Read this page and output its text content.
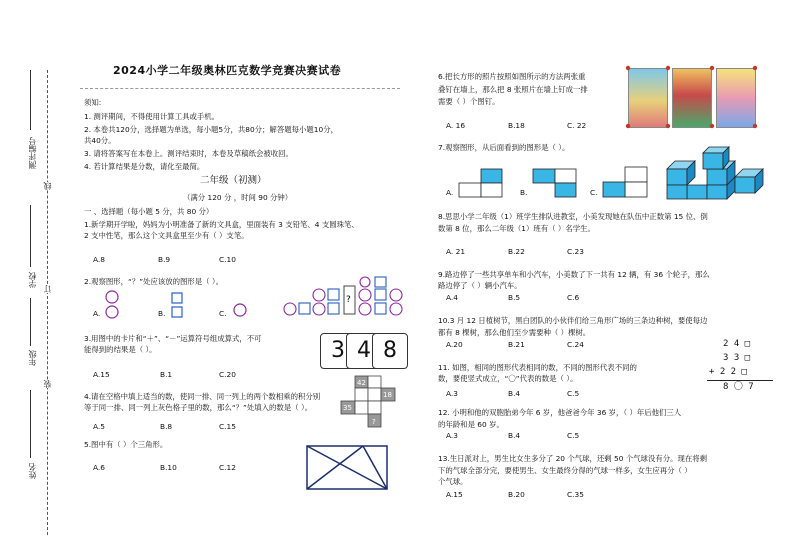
测评编号
学校
年级
姓名
线
订
装
2024小学二年级奥林匹克数学竞赛决赛试卷
须知:
1. 测评期间，不得使用计算工具或手机。
2. 本卷共120分，选择题为单选，每小题5分，共80分；解答题每小题10分，
共40分。
3. 请将答案写在本卷上。测评结束时，本卷及草稿纸会被收回。
4. 若计算结果是分数，请化至最简。
二年级（初测）
（满分 120 分 ，时间 90 分钟）
一 、选择题（每小题 5 分，共 80 分）
1.新学期开学啦，妈妈为小明准备了新的文具盒，里面装有 3 支铅笔、4 支圆珠笔、
2 支中性笔，那么这个文具盒里至少有（ ）支笔。
A.8	B.9	C.10
2.观察图形，“？”处应该放的图形是（ ）。
A.	B.	C.
?
3.用图中的卡片和“＋”、“－”运算符号组成算式，不可
能得到的结果是（ ）。	3 4 8
A.15	B.1	C.20
4.请在空格中填上适当的数，使同一排、同一列上的两个数相乘的积分别
等于同一排、同一列上灰色格子里的数，那么“？”处填入的数是（ ）。
42
18
35
?
A.5	B.8	C.15
5.图中有（ ）个三角形。
A.6	B.10	C.12
6.把长方形的照片按照如图所示的方法两张重
叠钉在墙上，那么把 8 张照片在墙上钉成一排
需要（ ）个图钉。
A. 16	B.18	C. 22
7.观察图形，从后面看到的图形是（ ）。
A.	B.	C.
8.思思小学二年级（1）班学生排队进教室，小美发现她在队伍中正数第 15 位、倒
数第 8 位，那么二年级（1）班有（ ）名学生。
A. 21	B.22	C.23
9.路边停了一些共享单车和小汽车，小美数了下一共有 12 辆，有 36 个轮子，那么
路边停了（ ）辆小汽车。
A.4	B.5	C.6
10.3 月 12 日植树节，黑白团队的小伙伴们给三角形广场的三条边种树，要使每边
都有 8 棵树，那么他们至少需要种（ ）棵树。
A.20	B.21	C.24
11. 如图，相同的图形代表相同的数，不同的图形代表不同的
数，要使竖式成立，“〇”代表的数是（ ）。
2 4 □
3 3 □
+ 2 2 □
8 〇 7
A.3	B.4	C.5
12. 小明和他的双胞胎弟今年 6 岁，他爸爸今年 36 岁，（ ）年后他们三人
的年龄和是 60 岁。
A.3	B.4	C.5
13.生日派对上，男生比女生多分了 20 个气球，还剩 50 个气球没有分。现在将剩
下的气球全部分完，要使男生、女生最终分得的气球一样多，女生应再分（ ）
个气球。
A.15	B.20	C.35
